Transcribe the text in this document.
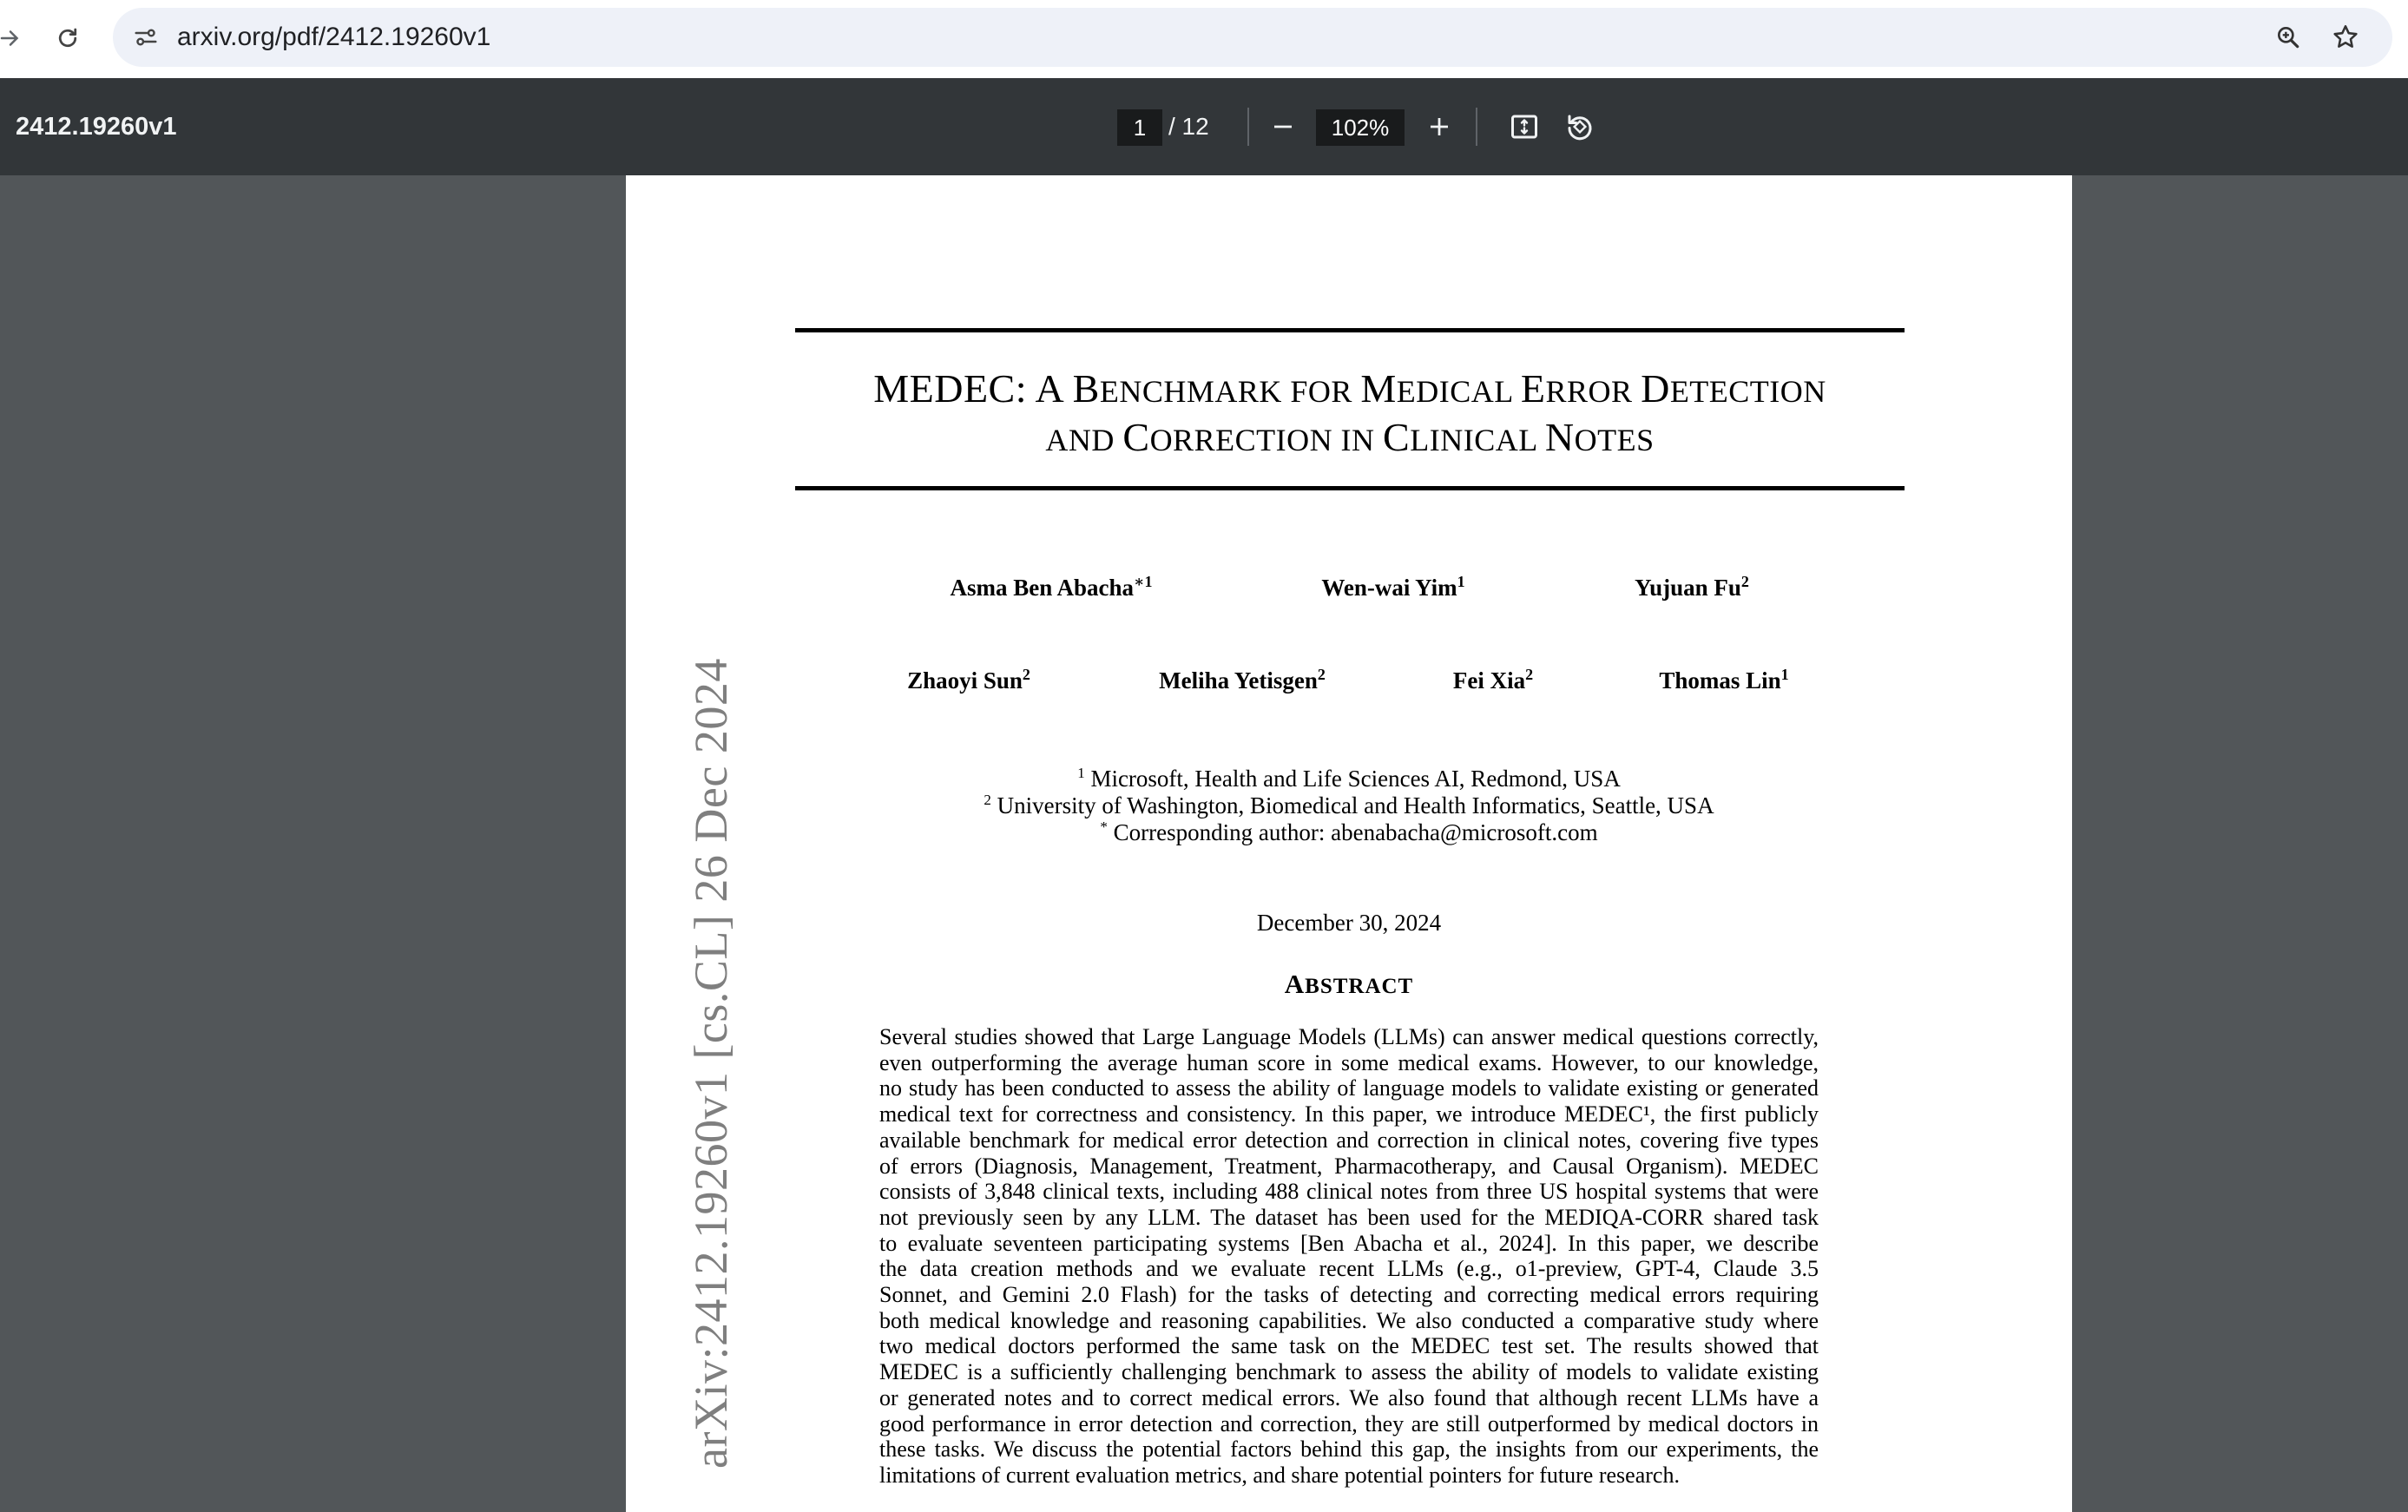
arxiv.org/pdf/2412.19260v1
2412.19260v1
1	/ 12
102%
arXiv:2412.19260v1 [cs.CL] 26 Dec 2024
MEDEC: A BENCHMARK FOR MEDICAL ERROR DETECTION
AND CORRECTION IN CLINICAL NOTES
Asma Ben Abacha$^{∗1}$	Wen-wai Yim$^1$	Yujuan Fu$^2$
Zhaoyi Sun$^2$	Meliha Yetisgen$^2$	Fei Xia$^2$	Thomas Lin$^1$
$^1$ Microsoft, Health and Life Sciences AI, Redmond, USA
$^2$ University of Washington, Biomedical and Health Informatics, Seattle, USA
* Corresponding author: abenabacha@microsoft.com
December 30, 2024
ABSTRACT
Several studies showed that Large Language Models (LLMs) can answer medical questions correctly,
even outperforming the average human score in some medical exams. However, to our knowledge,
no study has been conducted to assess the ability of language models to validate existing or generated
medical text for correctness and consistency. In this paper, we introduce MEDEC¹, the first publicly
available benchmark for medical error detection and correction in clinical notes, covering five types
of errors (Diagnosis, Management, Treatment, Pharmacotherapy, and Causal Organism). MEDEC
consists of 3,848 clinical texts, including 488 clinical notes from three US hospital systems that were
not previously seen by any LLM. The dataset has been used for the MEDIQA-CORR shared task
to evaluate seventeen participating systems [Ben Abacha et al., 2024]. In this paper, we describe
the data creation methods and we evaluate recent LLMs (e.g., o1-preview, GPT-4, Claude 3.5
Sonnet, and Gemini 2.0 Flash) for the tasks of detecting and correcting medical errors requiring
both medical knowledge and reasoning capabilities. We also conducted a comparative study where
two medical doctors performed the same task on the MEDEC test set. The results showed that
MEDEC is a sufficiently challenging benchmark to assess the ability of models to validate existing
or generated notes and to correct medical errors. We also found that although recent LLMs have a
good performance in error detection and correction, they are still outperformed by medical doctors in
these tasks. We discuss the potential factors behind this gap, the insights from our experiments, the
limitations of current evaluation metrics, and share potential pointers for future research.
